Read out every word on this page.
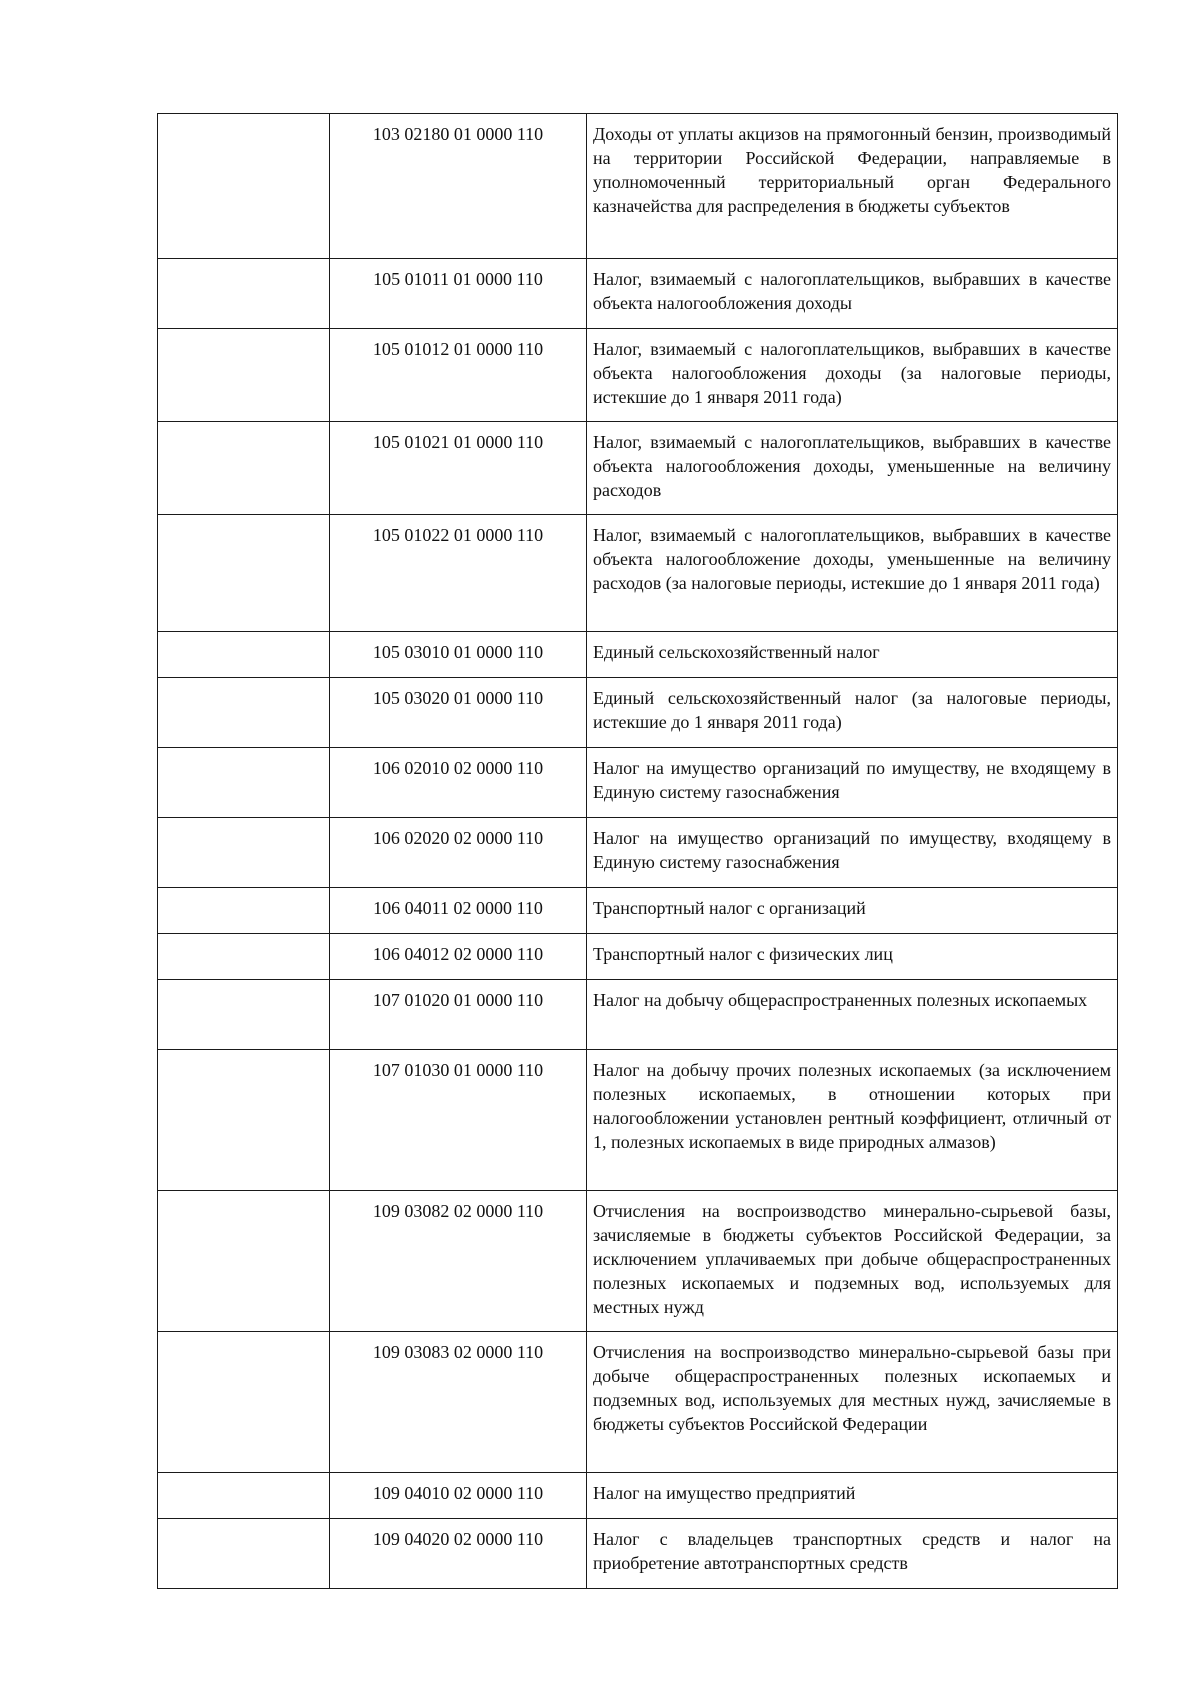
	103 02180 01 0000 110	Доходы от уплаты акцизов на прямогонный бензин, производимый на территории Российской Федерации, направляемые в уполномоченный территориальный орган Федерального казначейства для распределения в бюджеты субъектов
	105 01011 01 0000 110	Налог, взимаемый с налогоплательщиков, выбравших в качестве объекта налогообложения доходы
	105 01012 01 0000 110	Налог, взимаемый с налогоплательщиков, выбравших в качестве объекта налогообложения доходы (за налоговые периоды, истекшие до 1 января 2011 года)
	105 01021 01 0000 110	Налог, взимаемый с налогоплательщиков, выбравших в качестве объекта налогообложения доходы, уменьшенные на величину расходов
	105 01022 01 0000 110	Налог, взимаемый с налогоплательщиков, выбравших в качестве объекта налогообложение доходы, уменьшенные на величину расходов (за налоговые периоды, истекшие до 1 января 2011 года)
	105 03010 01 0000 110	Единый сельскохозяйственный налог
	105 03020 01 0000 110	Единый сельскохозяйственный налог (за налоговые периоды, истекшие до 1 января 2011 года)
	106 02010 02 0000 110	Налог на имущество организаций по имуществу, не входящему в Единую систему газоснабжения
	106 02020 02 0000 110	Налог на имущество организаций по имуществу, входящему в Единую систему газоснабжения
	106 04011 02 0000 110	Транспортный налог с организаций
	106 04012 02 0000 110	Транспортный налог с физических лиц
	107 01020 01 0000 110	Налог на добычу общераспространенных полезных ископаемых
	107 01030 01 0000 110	Налог на добычу прочих полезных ископаемых (за исключением полезных ископаемых, в отношении которых при налогообложении установлен рентный коэффициент, отличный от 1, полезных ископаемых в виде природных алмазов)
	109 03082 02 0000 110	Отчисления на воспроизводство минерально-сырьевой базы, зачисляемые в бюджеты субъектов Российской Федерации, за исключением уплачиваемых при добыче общераспространенных полезных ископаемых и подземных вод, используемых для местных нужд
	109 03083 02 0000 110	Отчисления на воспроизводство минерально-сырьевой базы при добыче общераспространенных полезных ископаемых и подземных вод, используемых для местных нужд, зачисляемые в бюджеты субъектов Российской Федерации
	109 04010 02 0000 110	Налог на имущество предприятий
	109 04020 02 0000 110	Налог с владельцев транспортных средств и налог на приобретение автотранспортных средств
